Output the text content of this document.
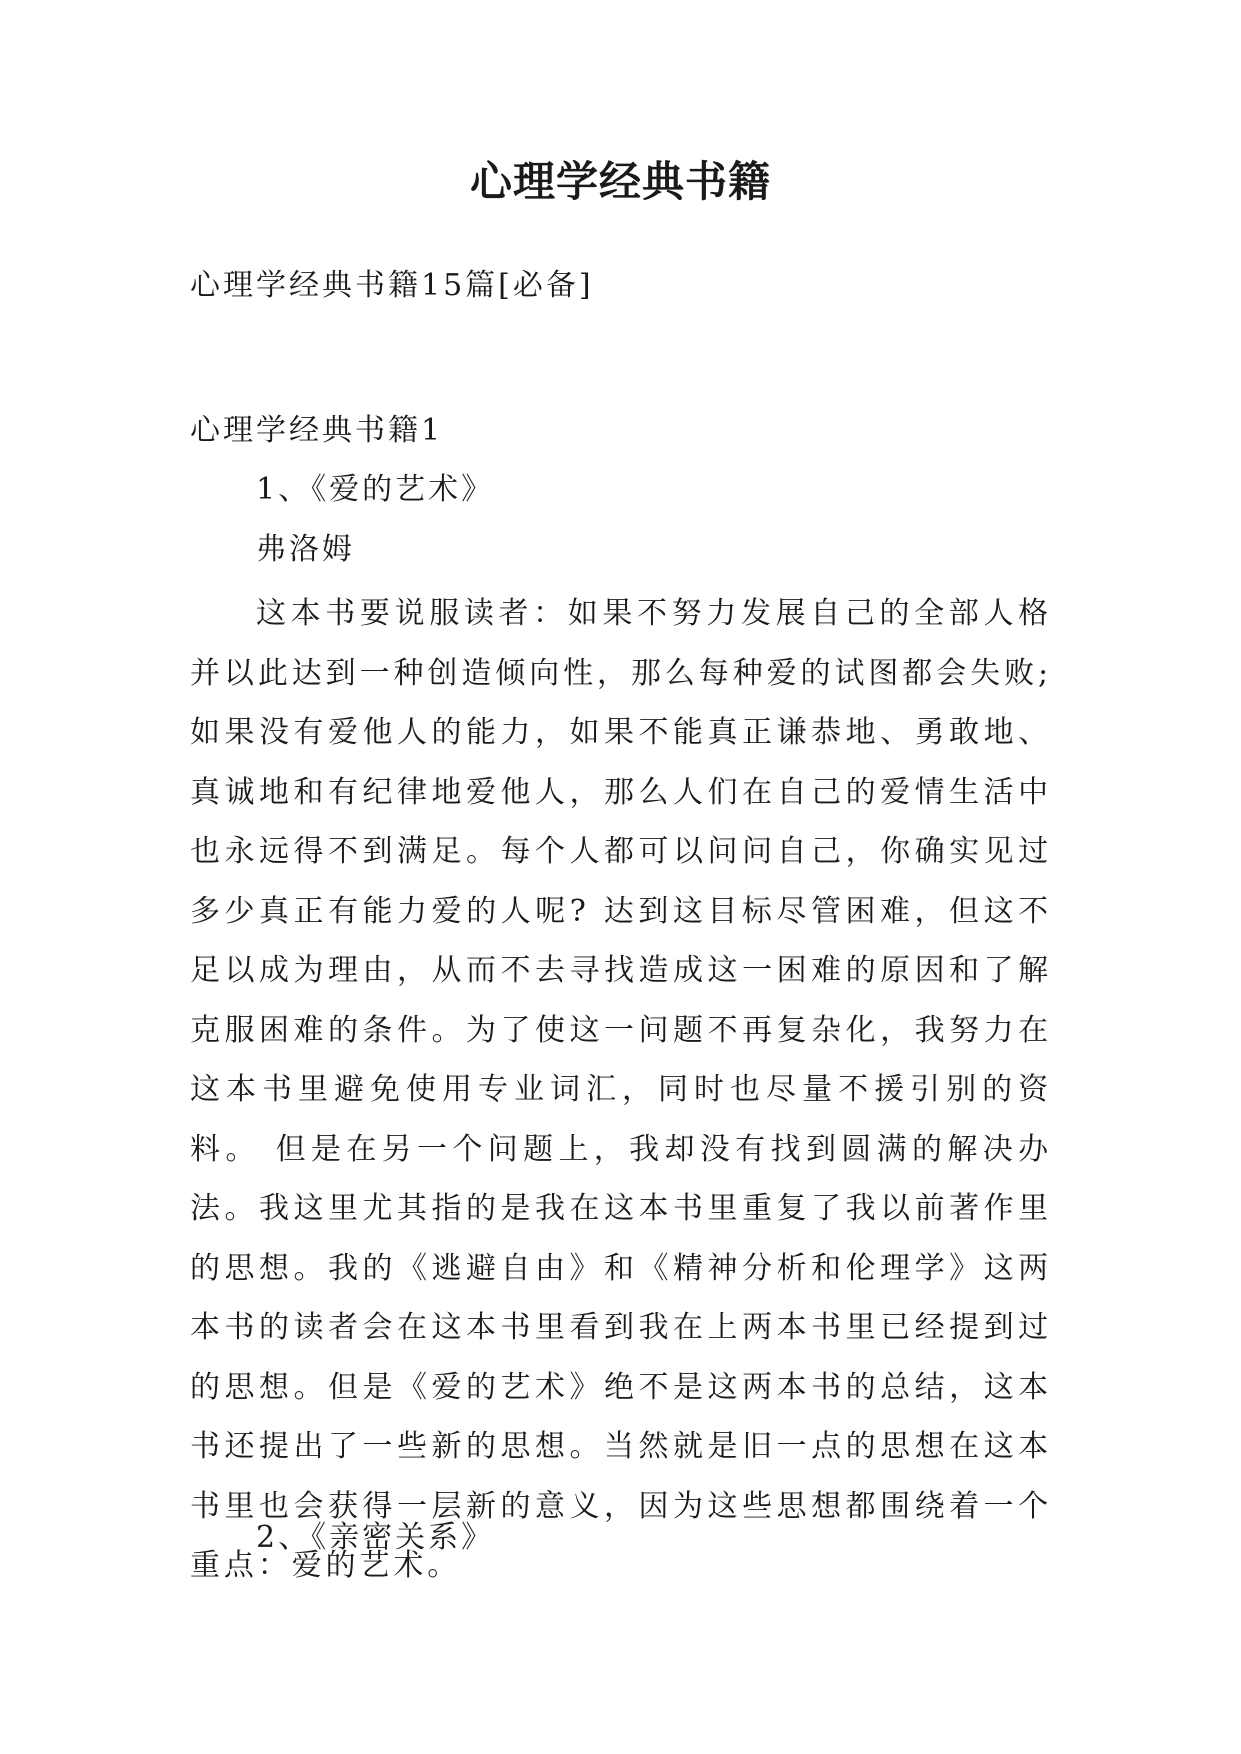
心理学经典书籍

心理学经典书籍15篇[必备]

心理学经典书籍1

1、《爱的艺术》

弗洛姆

这本书要说服读者：如果不努力发展自己的全部人格并以此达到一种创造倾向性，那么每种爱的试图都会失败;如果没有爱他人的能力，如果不能真正谦恭地、勇敢地、真诚地和有纪律地爱他人，那么人们在自己的爱情生活中也永远得不到满足。每个人都可以问问自己，你确实见过多少真正有能力爱的人呢? 达到这目标尽管困难，但这不足以成为理由，从而不去寻找造成这一困难的原因和了解克服困难的条件。为了使这一问题不再复杂化，我努力在这本书里避免使用专业词汇，同时也尽量不援引别的资料。 但是在另一个问题上，我却没有找到圆满的解决办法。我这里尤其指的是我在这本书里重复了我以前著作里的思想。我的《逃避自由》和《精神分析和伦理学》这两本书的读者会在这本书里看到我在上两本书里已经提到过的思想。但是《爱的艺术》绝不是这两本书的总结，这本书还提出了一些新的思想。当然就是旧一点的思想在这本书里也会获得一层新的意义，因为这些思想都围绕着一个重点：爱的艺术。

2、《亲密关系》
